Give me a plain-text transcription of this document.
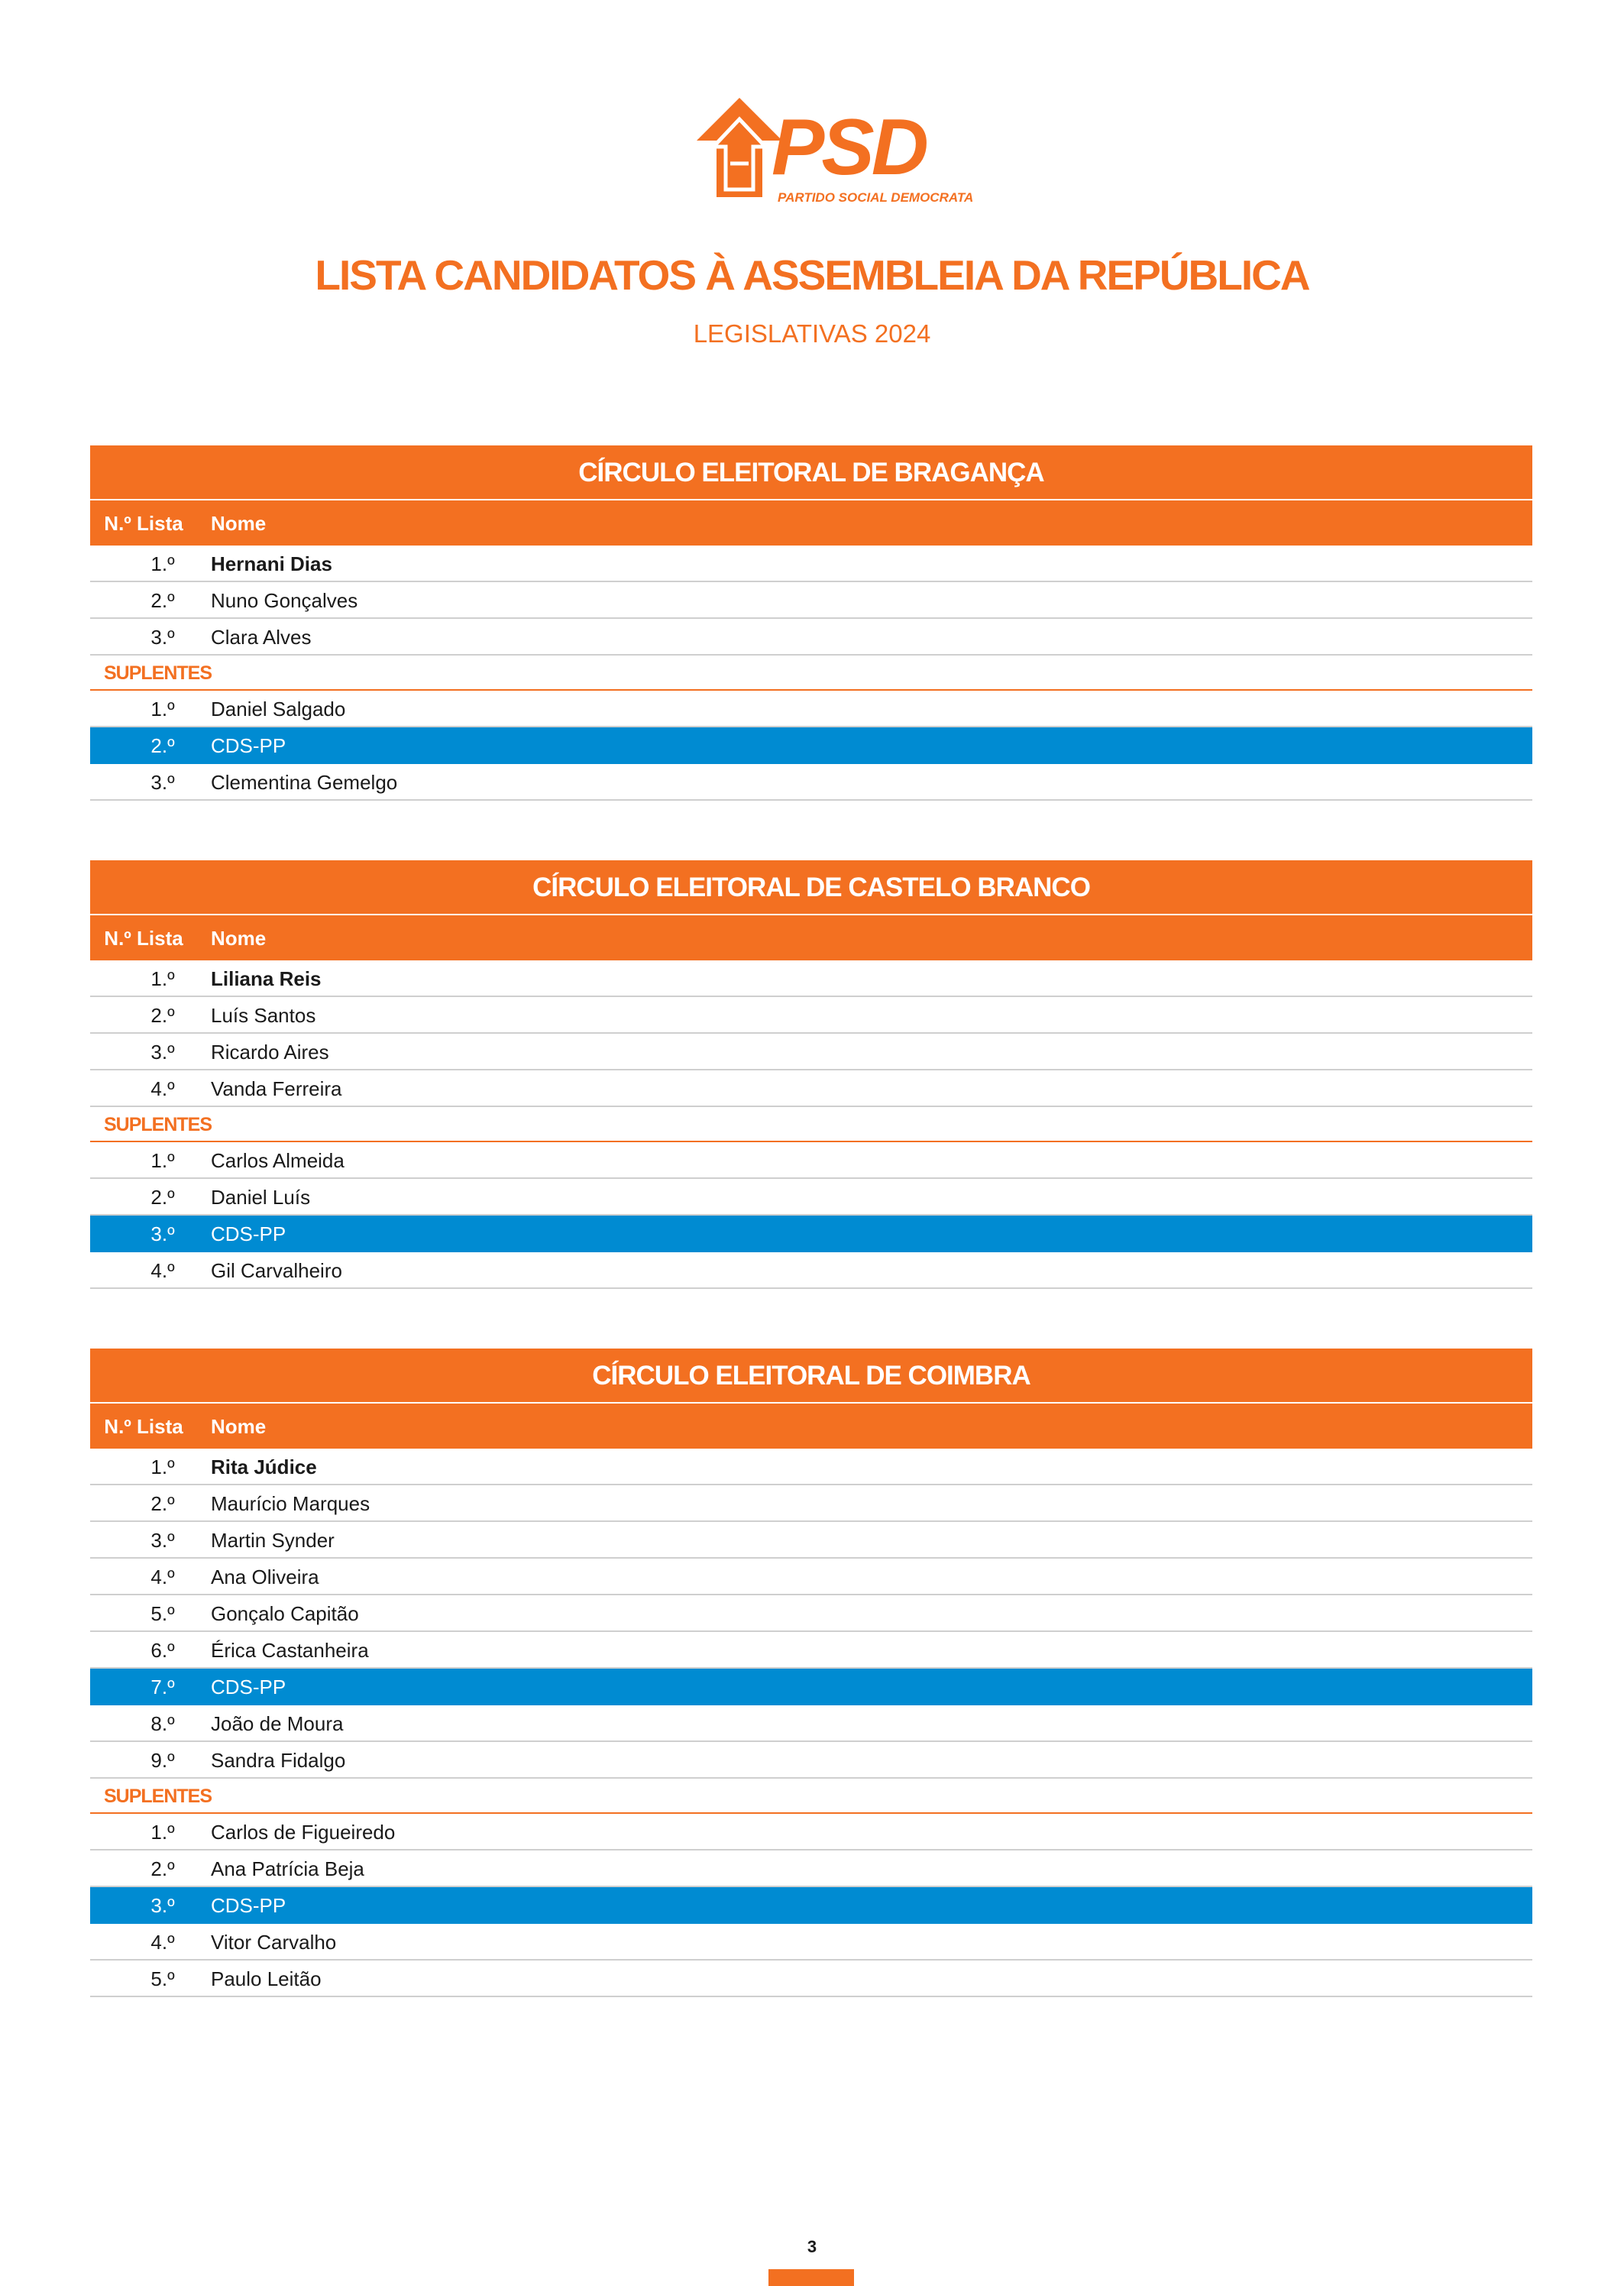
PSD
PARTIDO SOCIAL DEMOCRATA
LISTA CANDIDATOS À ASSEMBLEIA DA REPÚBLICA
LEGISLATIVAS 2024
CÍRCULO ELEITORAL DE BRAGANÇA
N.º Lista	Nome
1.º	Hernani Dias
2.º	Nuno Gonçalves
3.º	Clara Alves
SUPLENTES
1.º	Daniel Salgado
2.º	CDS-PP
3.º	Clementina Gemelgo
CÍRCULO ELEITORAL DE CASTELO BRANCO
N.º Lista	Nome
1.º	Liliana Reis
2.º	Luís Santos
3.º	Ricardo Aires
4.º	Vanda Ferreira
SUPLENTES
1.º	Carlos Almeida
2.º	Daniel Luís
3.º	CDS-PP
4.º	Gil Carvalheiro
CÍRCULO ELEITORAL DE COIMBRA
N.º Lista	Nome
1.º	Rita Júdice
2.º	Maurício Marques
3.º	Martin Synder
4.º	Ana Oliveira
5.º	Gonçalo Capitão
6.º	Érica Castanheira
7.º	CDS-PP
8.º	João de Moura
9.º	Sandra Fidalgo
SUPLENTES
1.º	Carlos de Figueiredo
2.º	Ana Patrícia Beja
3.º	CDS-PP
4.º	Vitor Carvalho
5.º	Paulo Leitão
3
